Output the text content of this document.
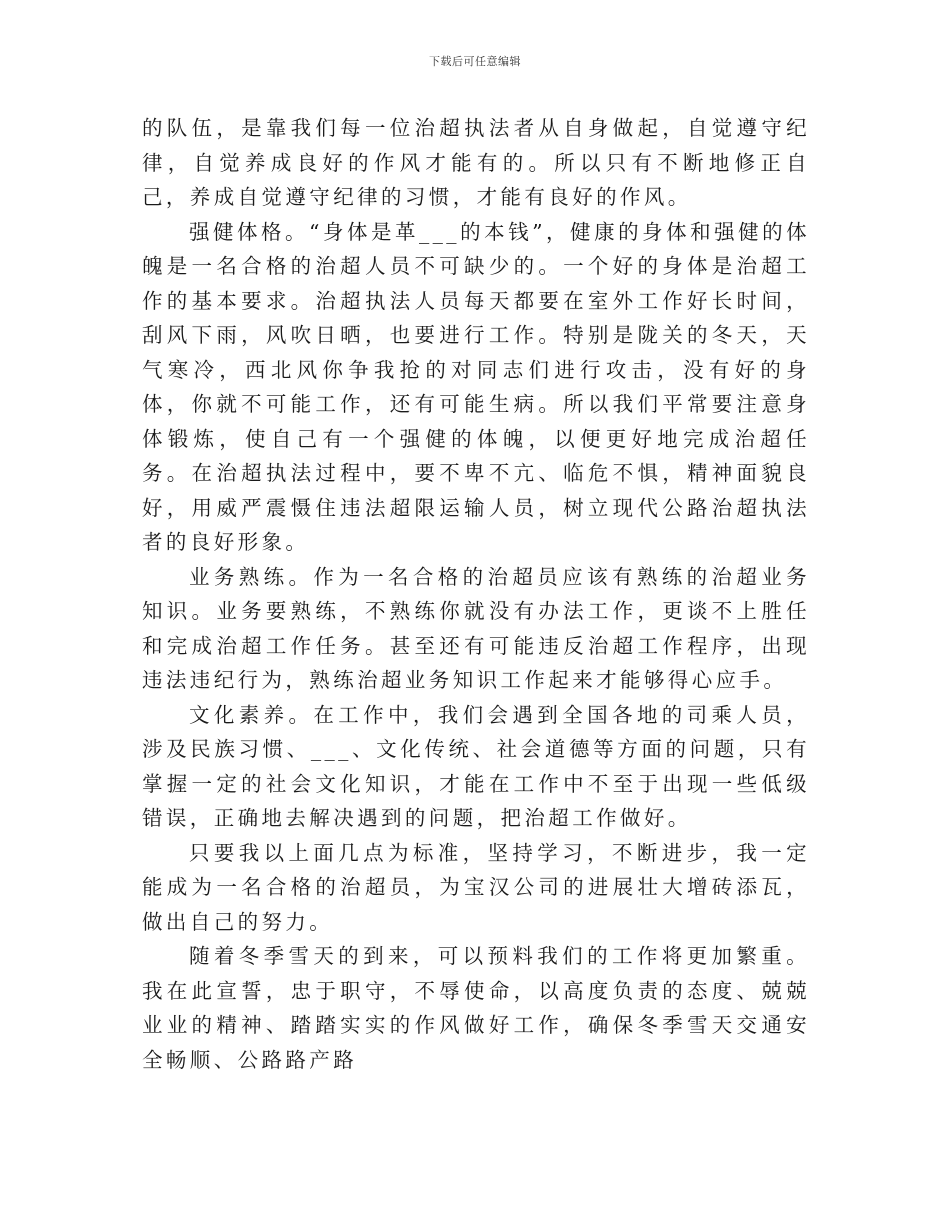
下载后可任意编辑

的队伍，是靠我们每一位治超执法者从自身做起，自觉遵守纪律，自觉养成良好的作风才能有的。所以只有不断地修正自己，养成自觉遵守纪律的习惯，才能有良好的作风。

强健体格。“身体是革___的本钱”，健康的身体和强健的体魄是一名合格的治超人员不可缺少的。一个好的身体是治超工作的基本要求。治超执法人员每天都要在室外工作好长时间，刮风下雨，风吹日晒，也要进行工作。特别是陇关的冬天，天气寒冷，西北风你争我抢的对同志们进行攻击，没有好的身体，你就不可能工作，还有可能生病。所以我们平常要注意身体锻炼，使自己有一个强健的体魄，以便更好地完成治超任务。在治超执法过程中，要不卑不亢、临危不惧，精神面貌良好，用威严震慑住违法超限运输人员，树立现代公路治超执法者的良好形象。

业务熟练。作为一名合格的治超员应该有熟练的治超业务知识。业务要熟练，不熟练你就没有办法工作，更谈不上胜任和完成治超工作任务。甚至还有可能违反治超工作程序，出现违法违纪行为，熟练治超业务知识工作起来才能够得心应手。

文化素养。在工作中，我们会遇到全国各地的司乘人员，涉及民族习惯、___、文化传统、社会道德等方面的问题，只有掌握一定的社会文化知识，才能在工作中不至于出现一些低级错误，正确地去解决遇到的问题，把治超工作做好。

只要我以上面几点为标准，坚持学习，不断进步，我一定能成为一名合格的治超员，为宝汉公司的进展壮大增砖添瓦，做出自己的努力。

随着冬季雪天的到来，可以预料我们的工作将更加繁重。我在此宣誓，忠于职守，不辱使命，以高度负责的态度、兢兢业业的精神、踏踏实实的作风做好工作，确保冬季雪天交通安全畅顺、公路路产路
